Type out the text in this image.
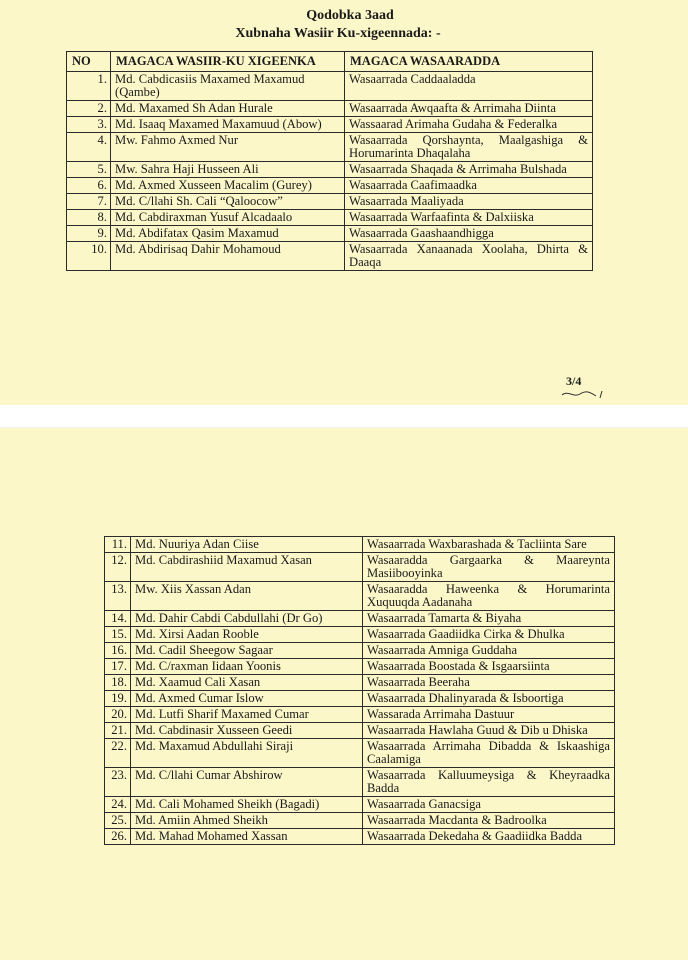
Qodobka 3aad
Xubnaha Wasiir Ku-xigeennada: -
NO	MAGACA WASIIR-KU XIGEENKA	MAGACA WASAARADDA
1.	Md. Cabdicasiis Maxamed Maxamud (Qambe)	Wasaarrada Caddaaladda
2.	Md. Maxamed Sh Adan Hurale	Wasaarrada Awqaafta & Arrimaha Diinta
3.	Md. Isaaq Maxamed Maxamuud (Abow)	Wassaarad Arimaha Gudaha & Federalka
4.	Mw. Fahmo Axmed Nur	Wasaarrada Qorshaynta, Maalgashiga & Horumarinta Dhaqalaha
5.	Mw. Sahra Haji Husseen Ali	Wasaarrada Shaqada & Arrimaha Bulshada
6.	Md. Axmed Xusseen Macalim (Gurey)	Wasaarrada Caafimaadka
7.	Md. C/llahi Sh. Cali “Qaloocow”	Wasaarrada Maaliyada
8.	Md. Cabdiraxman Yusuf Alcadaalo	Wasaarrada Warfaafinta & Dalxiiska
9.	Md. Abdifatax Qasim Maxamud	Wasaarrada Gaashaandhigga
10.	Md. Abdirisaq Dahir Mohamoud	Wasaarrada Xanaanada Xoolaha, Dhirta & Daaqa
3/4
11.	Md. Nuuriya Adan Ciise	Wasaarrada Waxbarashada & Tacliinta Sare
12.	Md. Cabdirashiid Maxamud Xasan	Wasaaradda Gargaarka & Maareynta Masiibooyinka
13.	Mw. Xiis Xassan Adan	Wasaaradda Haweenka & Horumarinta Xuquuqda Aadanaha
14.	Md. Dahir Cabdi Cabdullahi (Dr Go)	Wasaarrada Tamarta & Biyaha
15.	Md. Xirsi Aadan Rooble	Wasaarrada Gaadiidka Cirka & Dhulka
16.	Md. Cadil Sheegow Sagaar	Wasaarrada Amniga Guddaha
17.	Md. C/raxman Iidaan Yoonis	Wasaarrada Boostada & Isgaarsiinta
18.	Md. Xaamud Cali Xasan	Wasaarrada Beeraha
19.	Md. Axmed Cumar Islow	Wasaarrada Dhalinyarada & Isboortiga
20.	Md. Lutfi Sharif Maxamed Cumar	Wassarada Arrimaha Dastuur
21.	Md. Cabdinasir Xusseen Geedi	Wasaarrada Hawlaha Guud & Dib u Dhiska
22.	Md. Maxamud Abdullahi Siraji	Wasaarrada Arrimaha Dibadda & Iskaashiga Caalamiga
23.	Md. C/llahi Cumar Abshirow	Wasaarrada Kalluumeysiga & Kheyraadka Badda
24.	Md. Cali Mohamed Sheikh (Bagadi)	Wasaarrada Ganacsiga
25.	Md. Amiin Ahmed Sheikh	Wasaarrada Macdanta & Badroolka
26.	Md. Mahad Mohamed Xassan	Wasaarrada Dekedaha & Gaadiidka Badda
